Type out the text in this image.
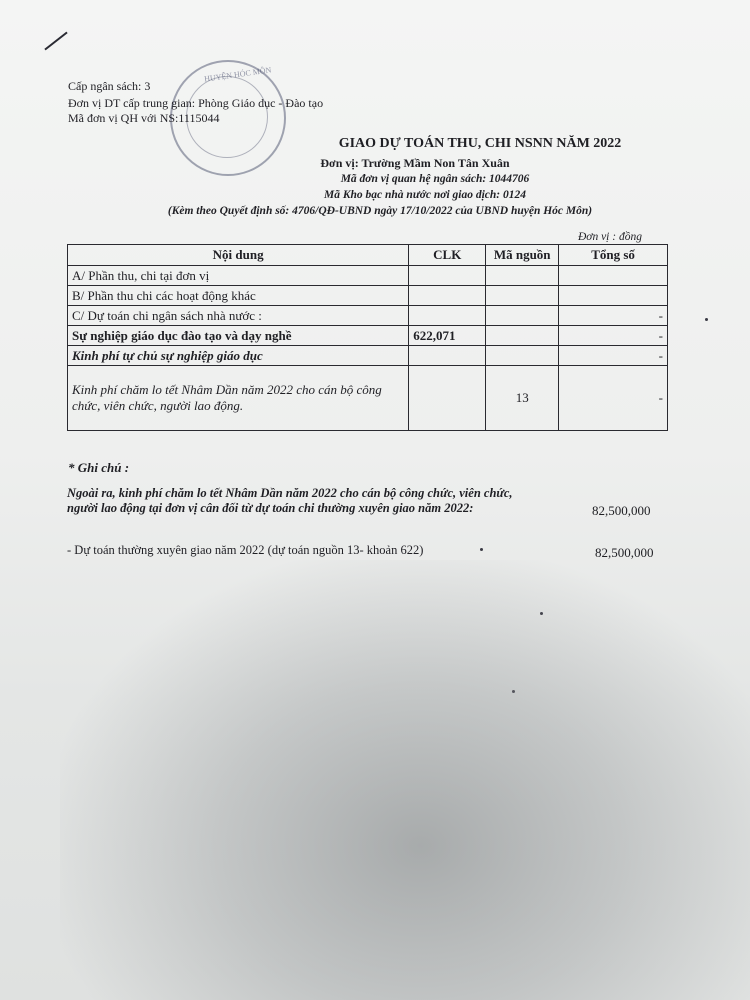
HUYỆN HÓC MÔN
Cấp ngân sách: 3
Đơn vị DT cấp trung gian: Phòng Giáo dục - Đào tạo
Mã đơn vị QH với NS:1115044
GIAO DỰ TOÁN THU, CHI NSNN NĂM 2022
Đơn vị: Trường Mầm Non Tân Xuân
Mã đơn vị quan hệ ngân sách: 1044706
Mã Kho bạc nhà nước nơi giao dịch: 0124
(Kèm theo Quyết định số: 4706/QĐ-UBND ngày 17/10/2022 của UBND huyện Hóc Môn)
Đơn vị : đồng
Nội dung	CLK	Mã nguồn	Tổng số
A/ Phần thu, chi tại đơn vị			
B/ Phần thu chi các hoạt động khác			
C/ Dự toán chi ngân sách nhà nước :			-
Sự nghiệp giáo dục đào tạo và dạy nghề	622,071		-
Kinh phí tự chủ sự nghiệp giáo dục			-
Kinh phí chăm lo tết Nhâm Dần năm 2022 cho cán bộ công chức, viên chức, người lao động.		13	-
* Ghi chú :
Ngoài ra, kinh phí chăm lo tết Nhâm Dần năm 2022 cho cán bộ công chức, viên chức, người lao động tại đơn vị cân đối từ dự toán chi thường xuyên giao năm 2022:	82,500,000
- Dự toán thường xuyên giao năm 2022 (dự toán nguồn 13- khoản 622)	82,500,000
